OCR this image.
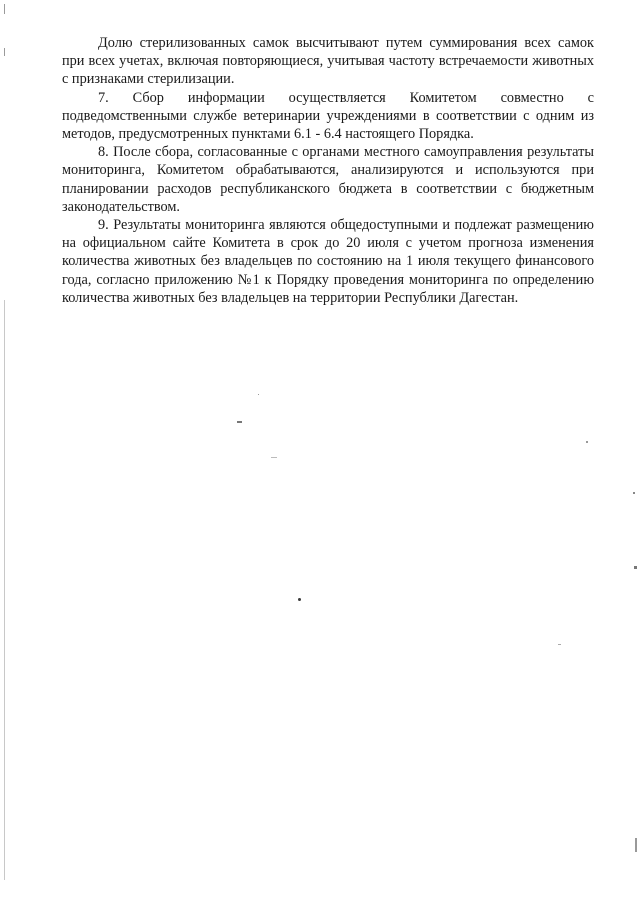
Долю стерилизованных самок высчитывают путем суммирования всех самок при всех учетах, включая повторяющиеся, учитывая частоту встречаемости животных с признаками стерилизации.

7. Сбор информации осуществляется Комитетом совместно с подведомственными службе ветеринарии учреждениями в соответствии с одним из методов, предусмотренных пунктами 6.1 - 6.4 настоящего Порядка.

8. После сбора, согласованные с органами местного самоуправления результаты мониторинга, Комитетом обрабатываются, анализируются и используются при планировании расходов республиканского бюджета в соответствии с бюджетным законодательством.

9. Результаты мониторинга являются общедоступными и подлежат размещению на официальном сайте Комитета в срок до 20 июля с учетом прогноза изменения количества животных без владельцев по состоянию на 1 июля текущего финансового года, согласно приложению №1 к Порядку проведения мониторинга по определению количества животных без владельцев на территории Республики Дагестан.
